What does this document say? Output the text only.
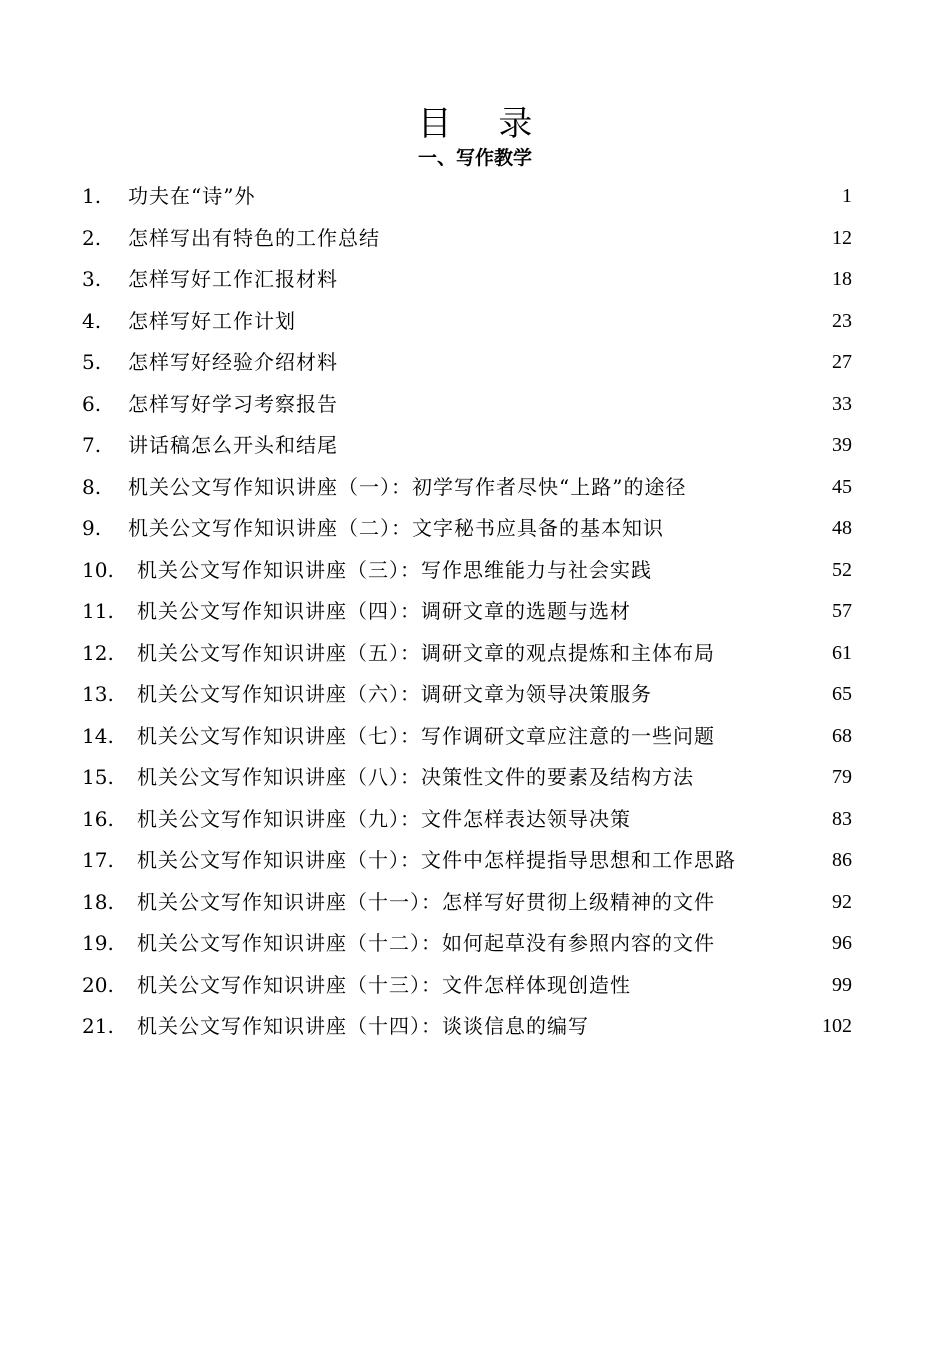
目 录
一、写作教学
1. 功夫在“诗”外	1
2. 怎样写出有特色的工作总结	12
3. 怎样写好工作汇报材料	18
4. 怎样写好工作计划	23
5. 怎样写好经验介绍材料	27
6. 怎样写好学习考察报告	33
7. 讲话稿怎么开头和结尾	39
8. 机关公文写作知识讲座（一）：初学写作者尽快“上路”的途径	45
9. 机关公文写作知识讲座（二）：文字秘书应具备的基本知识	48
10. 机关公文写作知识讲座（三）：写作思维能力与社会实践	52
11. 机关公文写作知识讲座（四）：调研文章的选题与选材	57
12. 机关公文写作知识讲座（五）：调研文章的观点提炼和主体布局	61
13. 机关公文写作知识讲座（六）：调研文章为领导决策服务	65
14. 机关公文写作知识讲座（七）：写作调研文章应注意的一些问题	68
15. 机关公文写作知识讲座（八）：决策性文件的要素及结构方法	79
16. 机关公文写作知识讲座（九）：文件怎样表达领导决策	83
17. 机关公文写作知识讲座（十）：文件中怎样提指导思想和工作思路	86
18. 机关公文写作知识讲座（十一）：怎样写好贯彻上级精神的文件	92
19. 机关公文写作知识讲座（十二）：如何起草没有参照内容的文件	96
20. 机关公文写作知识讲座（十三）：文件怎样体现创造性	99
21. 机关公文写作知识讲座（十四）：谈谈信息的编写	102
